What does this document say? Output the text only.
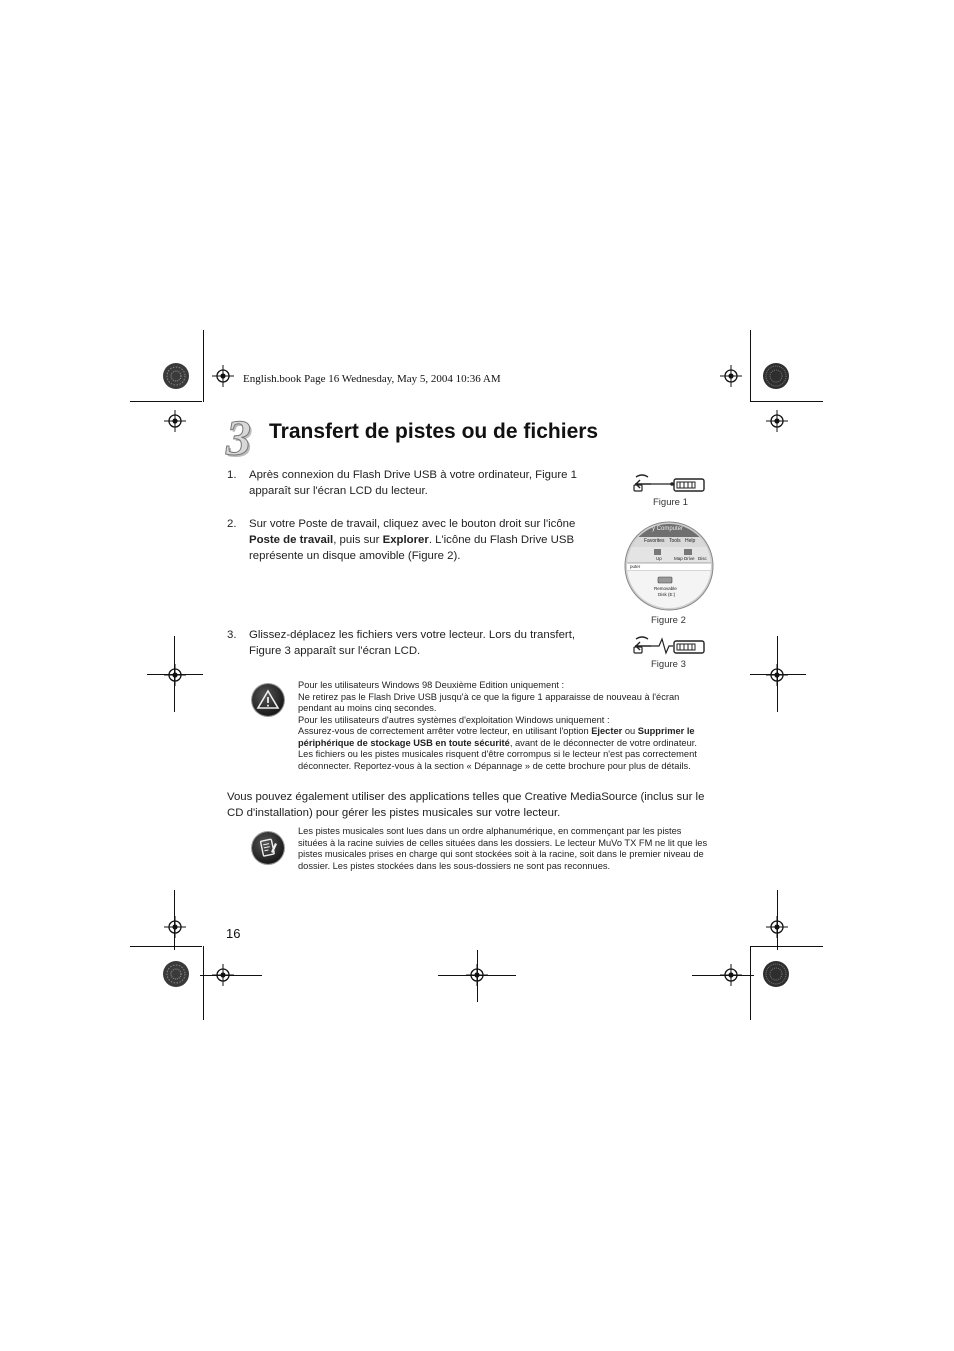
English.book Page 16 Wednesday, May 5, 2004 10:36 AM
3 Transfert de pistes ou de fichiers
1.	Après connexion du Flash Drive USB à votre ordinateur, Figure 1 apparaît sur l'écran LCD du lecteur.
2.	Sur votre Poste de travail, cliquez avec le bouton droit sur l'icône Poste de travail, puis sur Explorer. L'icône du Flash Drive USB représente un disque amovible (Figure 2).
3.	Glissez-déplacez les fichiers vers votre lecteur. Lors du transfert, Figure 3 apparaît sur l'écran LCD.
Figure 1
y Computer
Favorites Tools Help
Up	Map Drive Disc
puter
Removable
Disk (E:)
Figure 2
Figure 3
Pour les utilisateurs Windows 98 Deuxième Edition uniquement :
Ne retirez pas le Flash Drive USB jusqu'à ce que la figure 1 apparaisse de nouveau à l'écran pendant au moins cinq secondes.
Pour les utilisateurs d'autres systèmes d'exploitation Windows uniquement :
Assurez-vous de correctement arrêter votre lecteur, en utilisant l'option Ejecter ou Supprimer le périphérique de stockage USB en toute sécurité, avant de le déconnecter de votre ordinateur. Les fichiers ou les pistes musicales risquent d'être corrompus si le lecteur n'est pas correctement déconnecter. Reportez-vous à la section « Dépannage » de cette brochure pour plus de détails.
Vous pouvez également utiliser des applications telles que Creative MediaSource (inclus sur le CD d'installation) pour gérer les pistes musicales sur votre lecteur.
Les pistes musicales sont lues dans un ordre alphanumérique, en commençant par les pistes situées à la racine suivies de celles situées dans les dossiers. Le lecteur MuVo TX FM ne lit que les pistes musicales prises en charge qui sont stockées soit à la racine, soit dans le premier niveau de dossier. Les pistes stockées dans les sous-dossiers ne sont pas reconnues.
16
